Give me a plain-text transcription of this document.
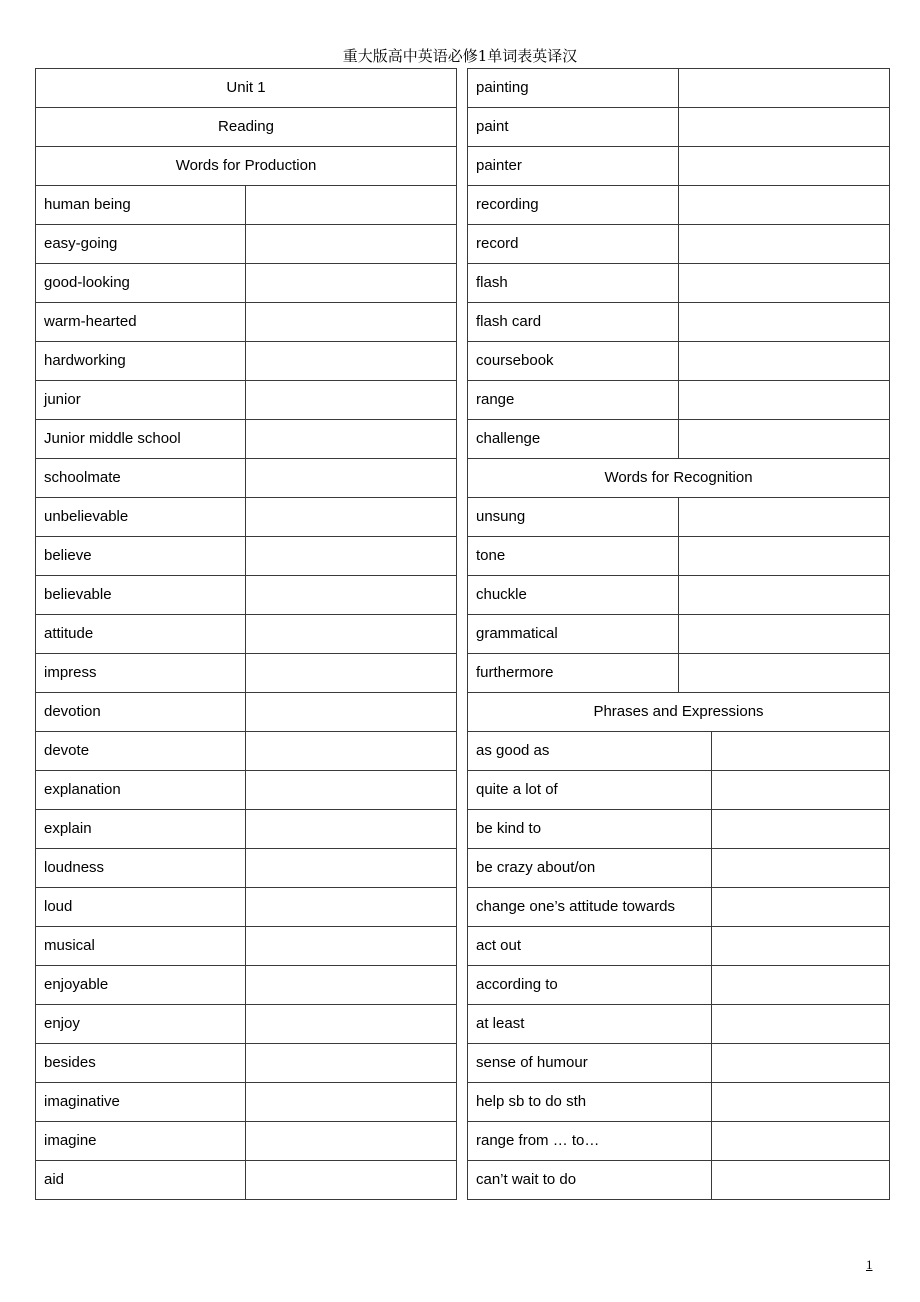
重大版高中英语必修1单词表英译汉
Unit 1	
Reading	
Words for Production	
human being	
easy-going	
good-looking	
warm-hearted	
hardworking	
junior	
Junior middle school	
schoolmate	
unbelievable	
believe	
believable	
attitude	
impress	
devotion	
devote	
explanation	
explain	
loudness	
loud	
musical	
enjoyable	
enjoy	
besides	
imaginative	
imagine	
aid	
painting		
paint		
painter		
recording		
record		
flash		
flash card		
coursebook		
range		
challenge		
Words for Recognition		
unsung		
tone		
chuckle		
grammatical		
furthermore		
Phrases and Expressions		
as good as		
quite a lot of		
be kind to		
be crazy about/on		
change one’s attitude towards		
act out		
according to		
at least		
sense of humour		
help sb to do sth		
range from … to…		
can’t wait to do		
1
